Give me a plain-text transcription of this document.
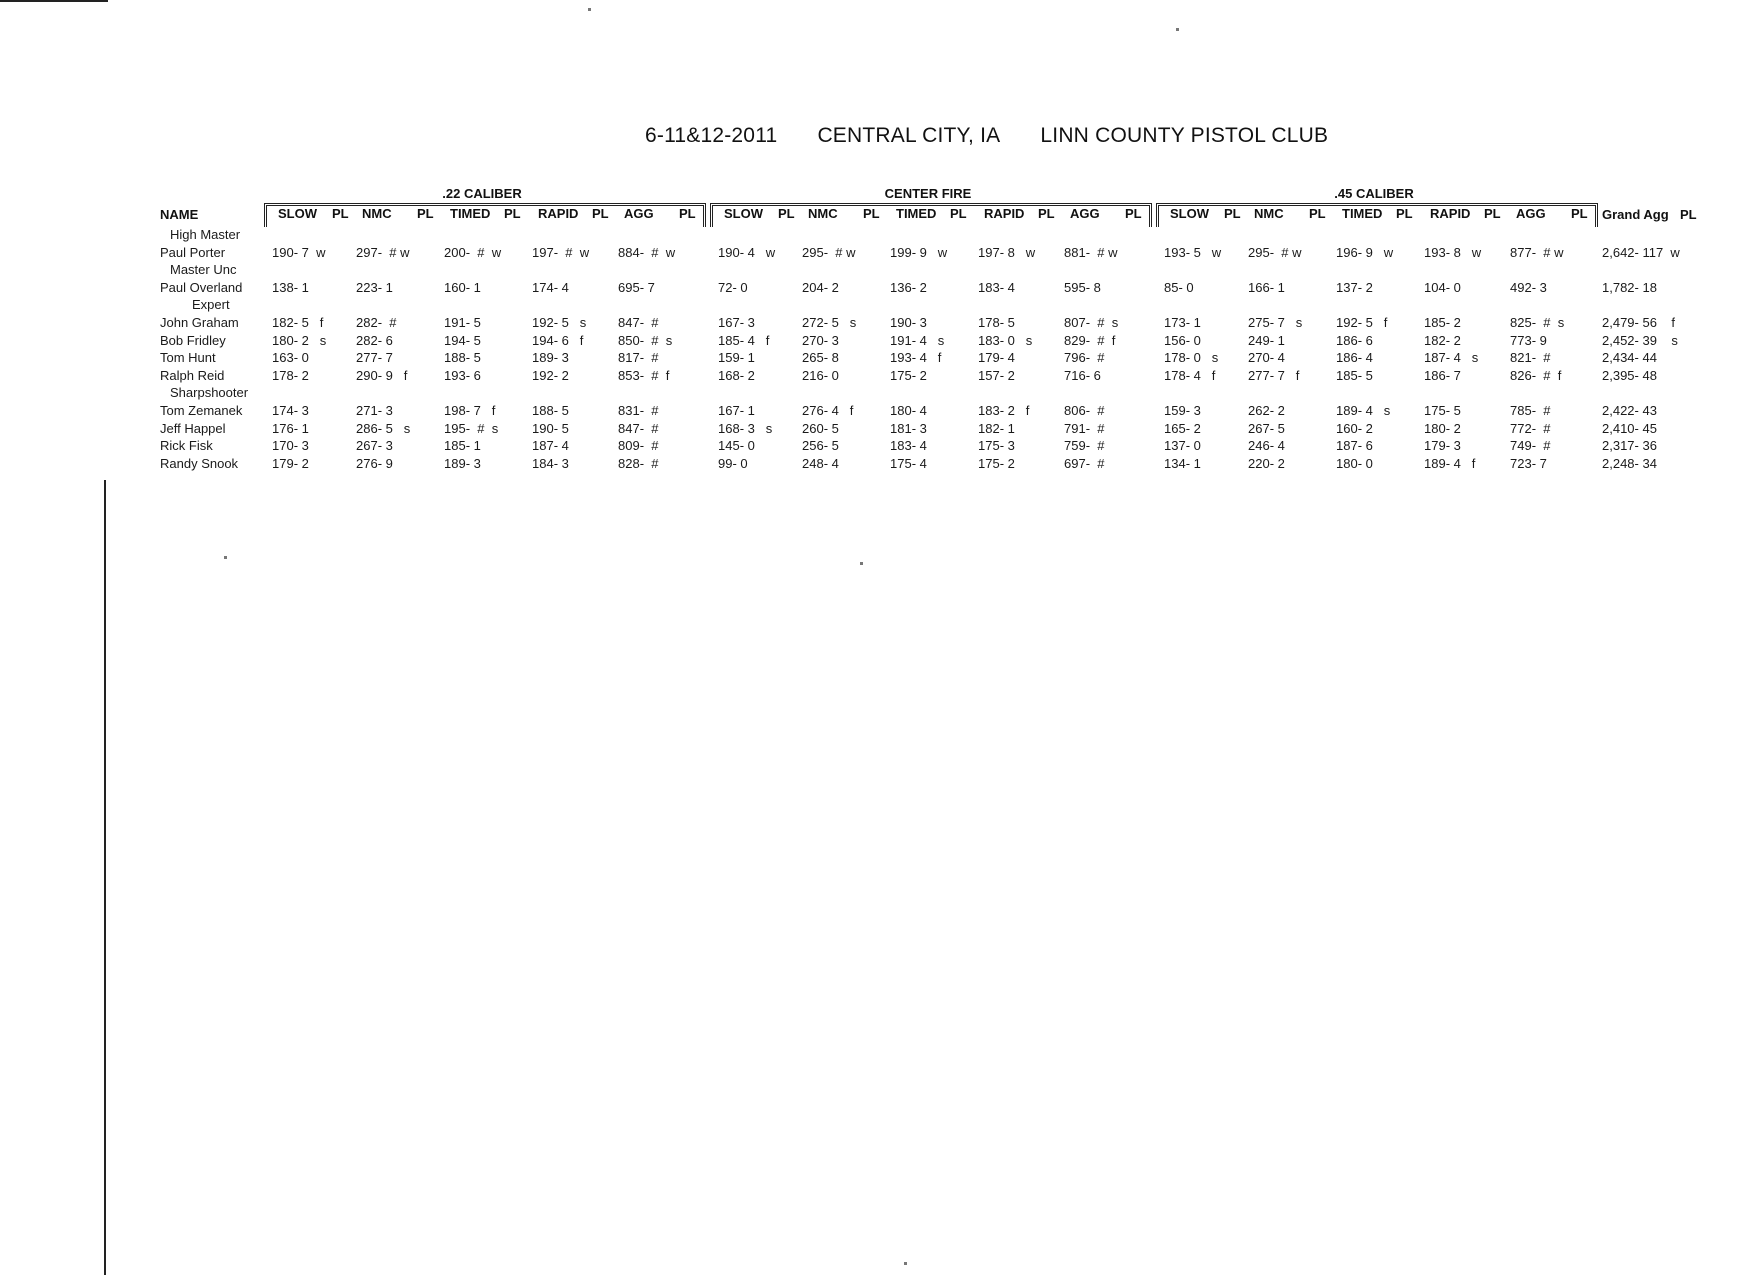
6-11&12-2011 CENTRAL CITY, IA LINN COUNTY PISTOL CLUB
.22 CALIBER
SLOW PL NMC PL TIMED PL RAPID PL AGG PL
CENTER FIRE
SLOW PL NMC PL TIMED PL RAPID PL AGG PL
.45 CALIBER
SLOW PL NMC PL TIMED PL RAPID PL AGG PL
NAME	Grand Agg PL
High Master
Paul Porter	190- 7  w 297-  # w	200-  #  w 197-  #  w 884-  #  w	190- 4   w 295-  # w	199- 9   w 197- 8   w 881-  # w	193- 5   w 295-  # w	196- 9   w 193- 8   w 877-  # w	2,642- 117  w
Master Unc
Paul Overland 138- 1	223- 1	160- 1	174- 4	695- 7	72- 0	204- 2	136- 2	183- 4	595- 8	85- 0	166- 1	137- 2	104- 0	492- 3	1,782- 18
Expert
John Graham	182- 5   f	282-  #	191- 5	192- 5   s 847-  #	167- 3	272- 5   s	190- 3	178- 5	807-  #  s	173- 1	275- 7   s	192- 5   f	185- 2	825-  #  s	2,479- 56    f
Bob Fridley	180- 2   s 282- 6	194- 5	194- 6   f	850-  #  s	185- 4   f	270- 3	191- 4   s	183- 0   s 829-  #  f	156- 0	249- 1	186- 6	182- 2	773- 9	2,452- 39    s
Tom Hunt	163- 0	277- 7	188- 5	189- 3	817-  #	159- 1	265- 8	193- 4   f	179- 4	796-  #	178- 0   s 270- 4	186- 4	187- 4   s 821-  #	2,434- 44
Ralph Reid	178- 2	290- 9   f	193- 6	192- 2	853-  #  f	168- 2	216- 0	175- 2	157- 2	716- 6	178- 4   f	277- 7   f	185- 5	186- 7	826-  #  f	2,395- 48
Sharpshooter
Tom Zemanek 174- 3	271- 3	198- 7   f	188- 5	831-  #	167- 1	276- 4   f	180- 4	183- 2   f	806-  #	159- 3	262- 2	189- 4   s	175- 5	785-  #	2,422- 43
Jeff Happel	176- 1	286- 5   s	195-  #  s	190- 5	847-  #	168- 3   s 260- 5	181- 3	182- 1	791-  #	165- 2	267- 5	160- 2	180- 2	772-  #	2,410- 45
Rick Fisk	170- 3	267- 3	185- 1	187- 4	809-  #	145- 0	256- 5	183- 4	175- 3	759-  #	137- 0	246- 4	187- 6	179- 3	749-  #	2,317- 36
Randy Snook	179- 2	276- 9	189- 3	184- 3	828-  #	99- 0	248- 4	175- 4	175- 2	697-  #	134- 1	220- 2	180- 0	189- 4   f	723- 7	2,248- 34
